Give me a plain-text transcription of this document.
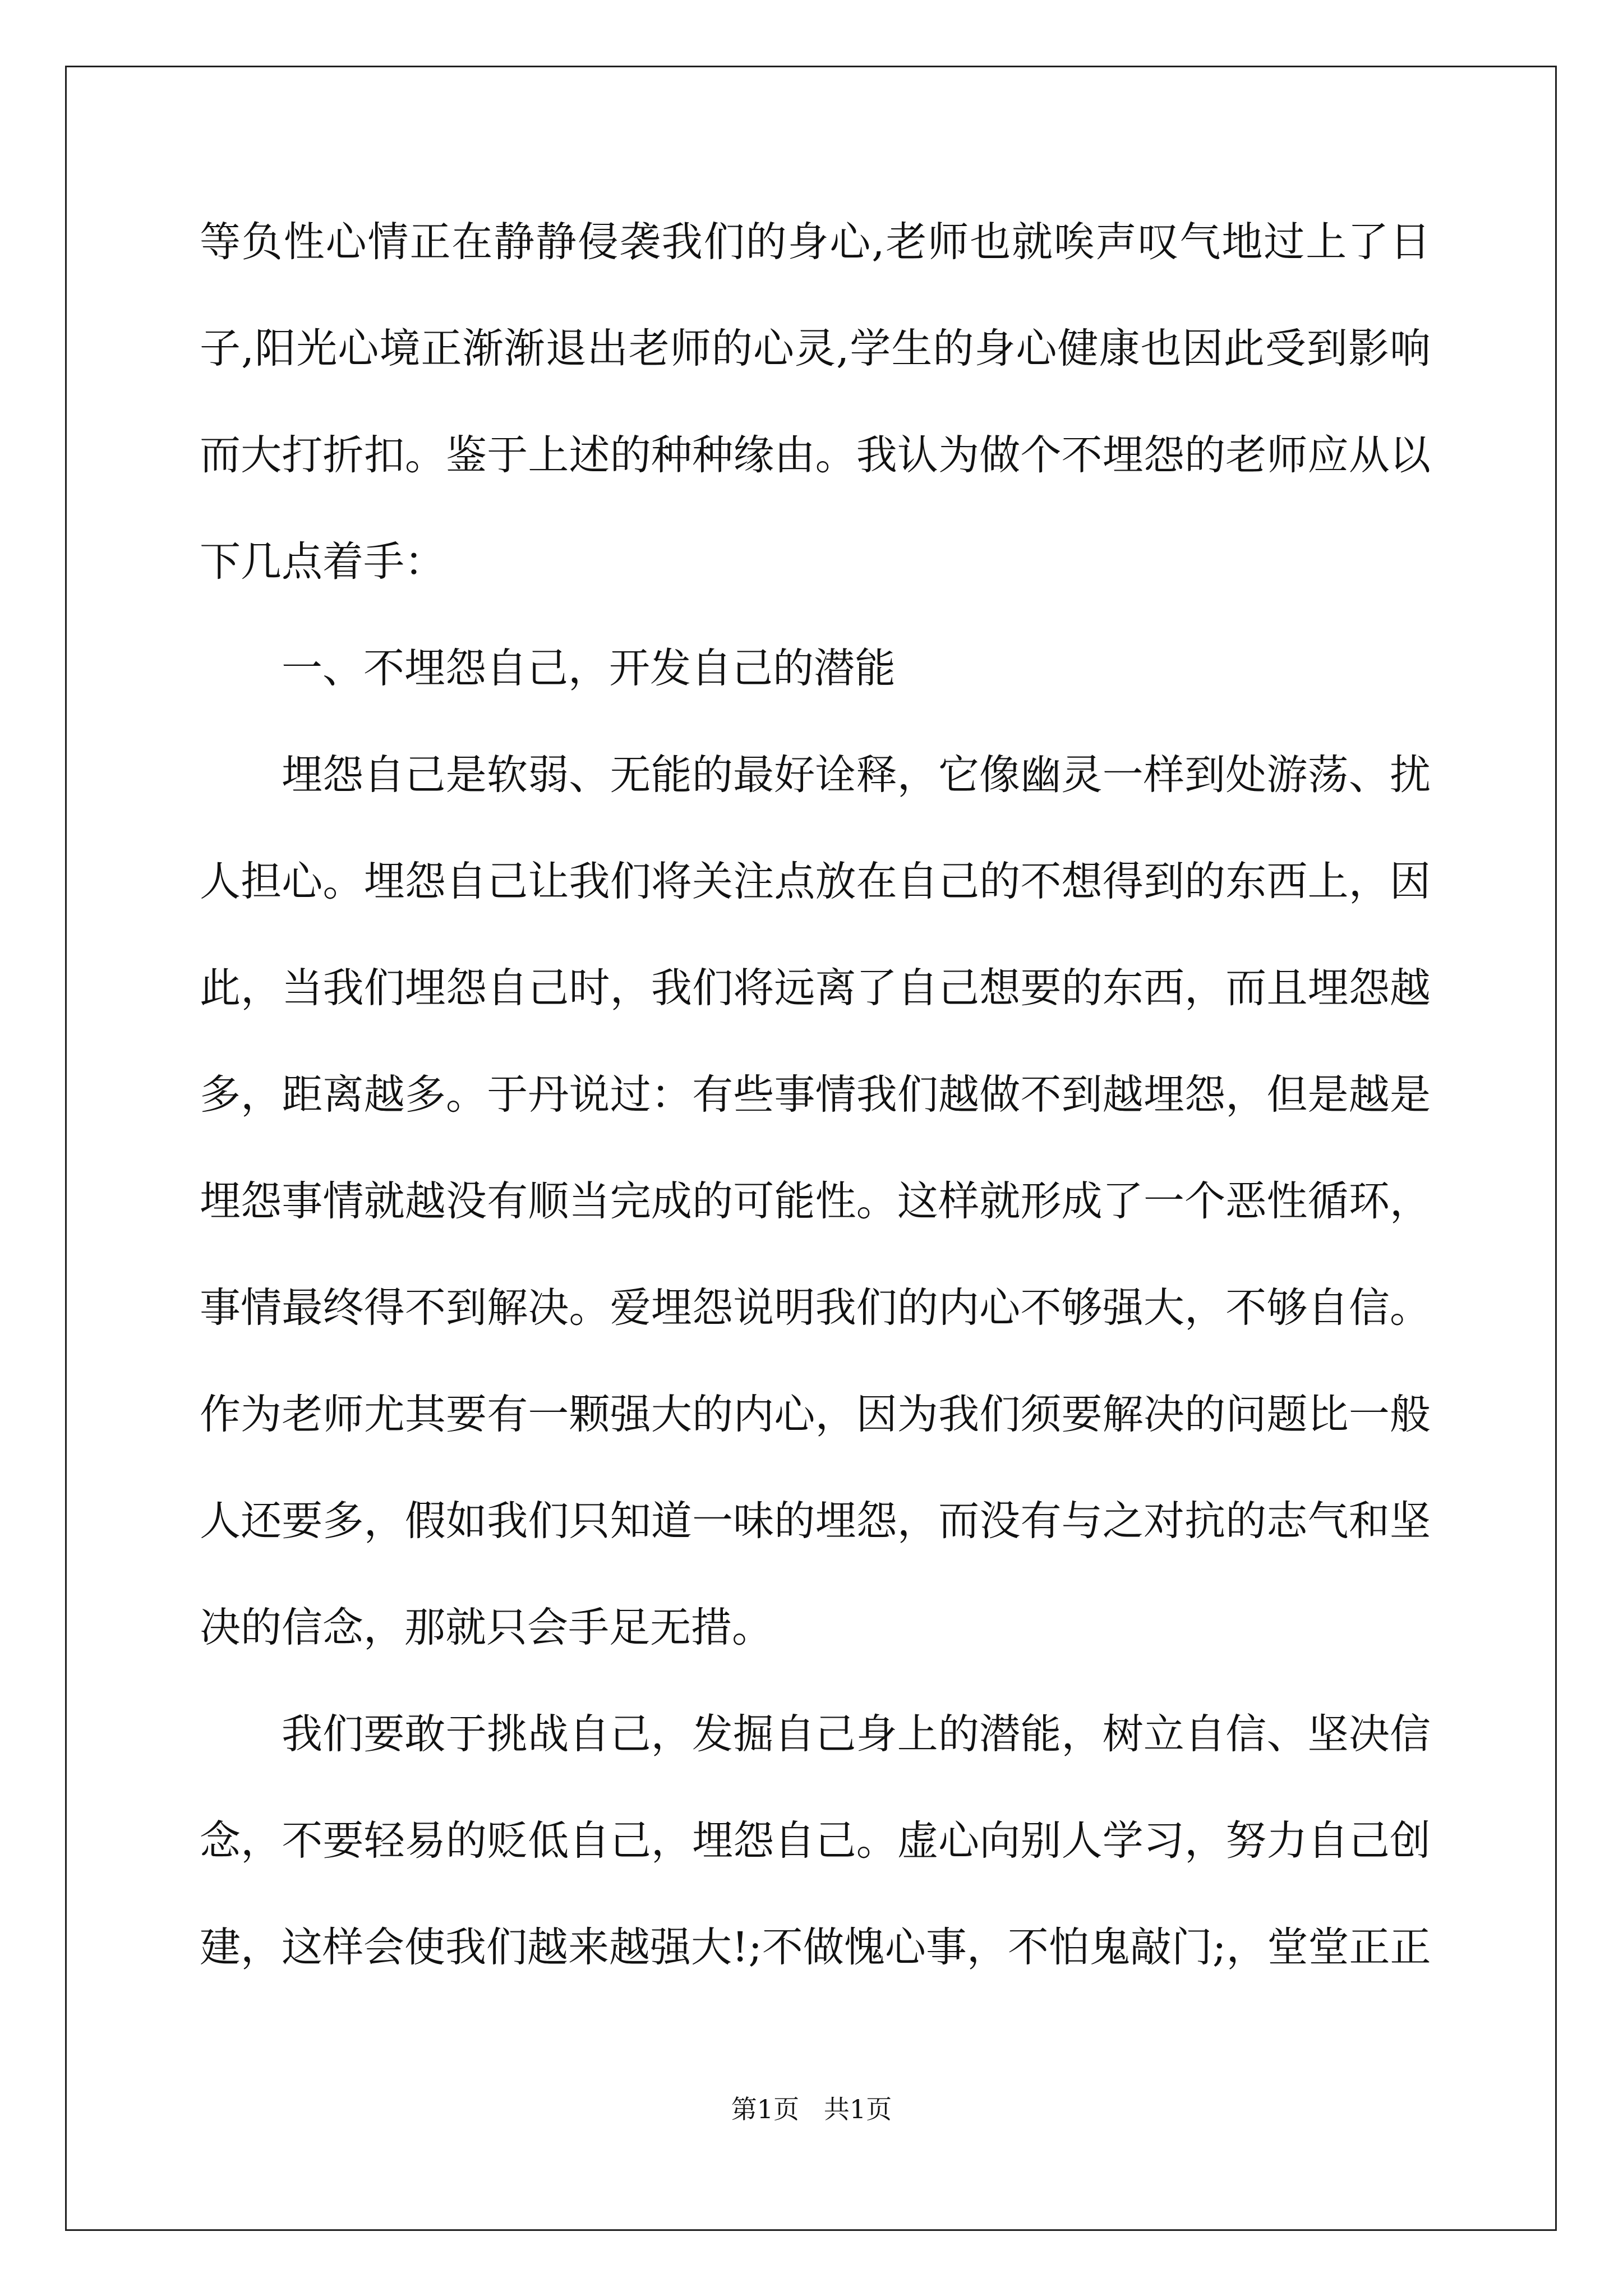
等负性心情正在静静侵袭我们的身心,老师也就唉声叹气地过上了日
子,阳光心境正渐渐退出老师的心灵,学生的身心健康也因此受到影响
而大打折扣。鉴于上述的种种缘由。我认为做个不埋怨的老师应从以
下几点着手：
一、不埋怨自己，开发自己的潜能
埋怨自己是软弱、无能的最好诠释，它像幽灵一样到处游荡、扰
人担心。埋怨自己让我们将关注点放在自己的不想得到的东西上，因
此，当我们埋怨自己时，我们将远离了自己想要的东西，而且埋怨越
多，距离越多。于丹说过：有些事情我们越做不到越埋怨，但是越是
埋怨事情就越没有顺当完成的可能性。这样就形成了一个恶性循环，
事情最终得不到解决。爱埋怨说明我们的内心不够强大，不够自信。
作为老师尤其要有一颗强大的内心，因为我们须要解决的问题比一般
人还要多，假如我们只知道一味的埋怨，而没有与之对抗的志气和坚
决的信念，那就只会手足无措。
我们要敢于挑战自己，发掘自己身上的潜能，树立自信、坚决信
念，不要轻易的贬低自己，埋怨自己。虚心向别人学习，努力自己创
建，这样会使我们越来越强大!;不做愧心事，不怕鬼敲门;，堂堂正正
第1页   共1页
